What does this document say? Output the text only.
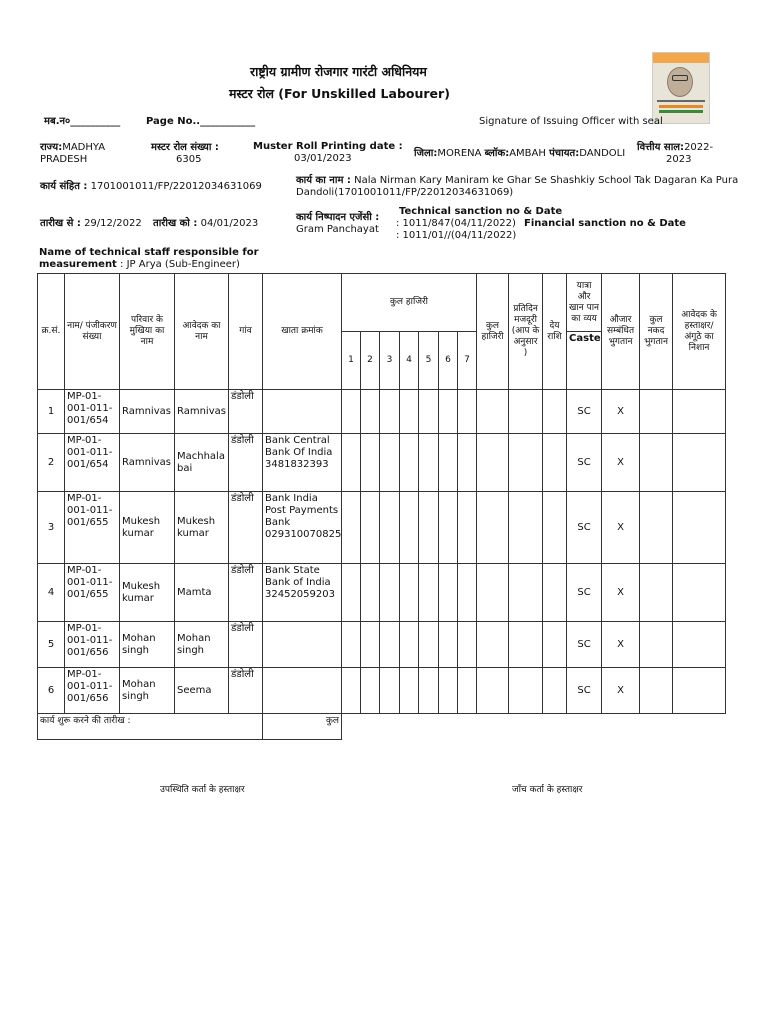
राष्ट्रीय ग्रामीण रोजगार गारंटी अधिनियम
मस्टर रोल (For Unskilled Labourer)
मब.न०__________	Page No..___________	Signature of Issuing Officer with seal
राज्य:MADHYA
PRADESH
मस्टर रोल संख्या :
6305
Muster Roll Printing date :
03/01/2023	जिला:MORENA ब्लॉक:AMBAH पंचायत:DANDOLI
वित्तीय साल:2022-
2023
कार्य संहित : 1701001011/FP/22012034631069
कार्य का नाम : Nala Nirman Kary Maniram ke Ghar Se Shashkiy School Tak Dagaran Ka Pura
Dandoli(1701001011/FP/22012034631069)
तारीख से : 29/12/2022 तारीख को : 04/01/2023
कार्य निष्पादन एजेंसी :
Gram Panchayat
Technical sanction no & Date
: 1011/847(04/11/2022) Financial sanction no & Date
: 1011/01//(04/11/2022)
Name of technical staff responsible for
measurement : JP Arya (Sub-Engineer)
क्र.सं.	नाम/ पंजीकरण संख्या	परिवार के मुखिया का नाम	आवेदक का नाम	गांव	खाता क्रमांक	कुल हाजिरी							कुल हाजिरी	प्रतिदिन मजदूरी (आप के अनुसार )	देय राशि	यात्रा और खान पान का व्यय	औजार सम्बंधित भुगतान	कुल नकद भुगतान	आवेदक के हस्ताक्षर/ अंगूठे का निशान
						1	2	3	4	5	6	7				Caste			
1	MP-01-001-011-001/654	Ramnivas	Ramnivas	डंडोली												SC	X		
2	MP-01-001-011-001/654	Ramnivas	Machhala bai	डंडोली	Bank Central Bank Of India 3481832393											SC	X		
3	MP-01-001-011-001/655	Mukesh kumar	Mukesh kumar	डंडोली	Bank India Post Payments Bank 029310070825											SC	X		
4	MP-01-001-011-001/655	Mukesh kumar	Mamta	डंडोली	Bank State Bank of India 32452059203											SC	X		
5	MP-01-001-011-001/656	Mohan singh	Mohan singh	डंडोली												SC	X		
6	MP-01-001-011-001/656	Mohan singh	Seema	डंडोली												SC	X		
कार्य शुरू करने की तारीख :					कुल														
उपस्थिति कर्ता के हस्ताक्षर	जाँच कर्ता के हस्ताक्षर
